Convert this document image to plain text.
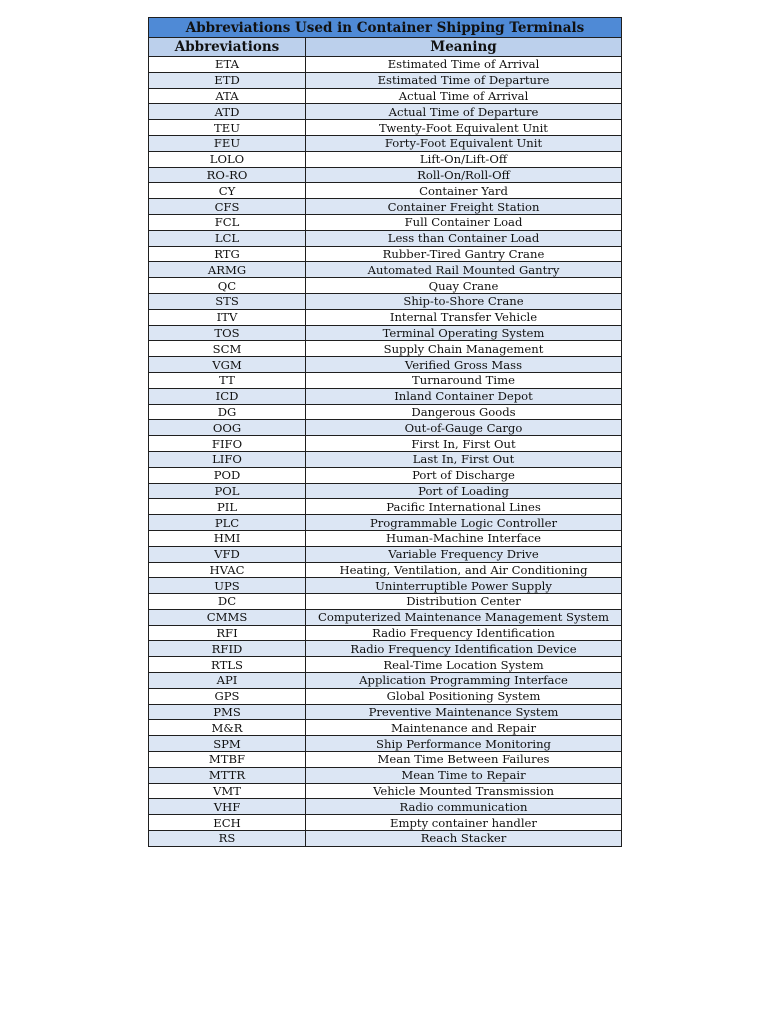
Abbreviations Used in Container Shipping Terminals	
Abbreviations	Meaning
ETA	Estimated Time of Arrival
ETD	Estimated Time of Departure
ATA	Actual Time of Arrival
ATD	Actual Time of Departure
TEU	Twenty-Foot Equivalent Unit
FEU	Forty-Foot Equivalent Unit
LOLO	Lift-On/Lift-Off
RO-RO	Roll-On/Roll-Off
CY	Container Yard
CFS	Container Freight Station
FCL	Full Container Load
LCL	Less than Container Load
RTG	Rubber-Tired Gantry Crane
ARMG	Automated Rail Mounted Gantry
QC	Quay Crane
STS	Ship-to-Shore Crane
ITV	Internal Transfer Vehicle
TOS	Terminal Operating System
SCM	Supply Chain Management
VGM	Verified Gross Mass
TT	Turnaround Time
ICD	Inland Container Depot
DG	Dangerous Goods
OOG	Out-of-Gauge Cargo
FIFO	First In, First Out
LIFO	Last In, First Out
POD	Port of Discharge
POL	Port of Loading
PIL	Pacific International Lines
PLC	Programmable Logic Controller
HMI	Human-Machine Interface
VFD	Variable Frequency Drive
HVAC	Heating, Ventilation, and Air Conditioning
UPS	Uninterruptible Power Supply
DC	Distribution Center
CMMS	Computerized Maintenance Management System
RFI	Radio Frequency Identification
RFID	Radio Frequency Identification Device
RTLS	Real-Time Location System
API	Application Programming Interface
GPS	Global Positioning System
PMS	Preventive Maintenance System
M&R	Maintenance and Repair
SPM	Ship Performance Monitoring
MTBF	Mean Time Between Failures
MTTR	Mean Time to Repair
VMT	Vehicle Mounted Transmission
VHF	Radio communication
ECH	Empty container handler
RS	Reach Stacker
